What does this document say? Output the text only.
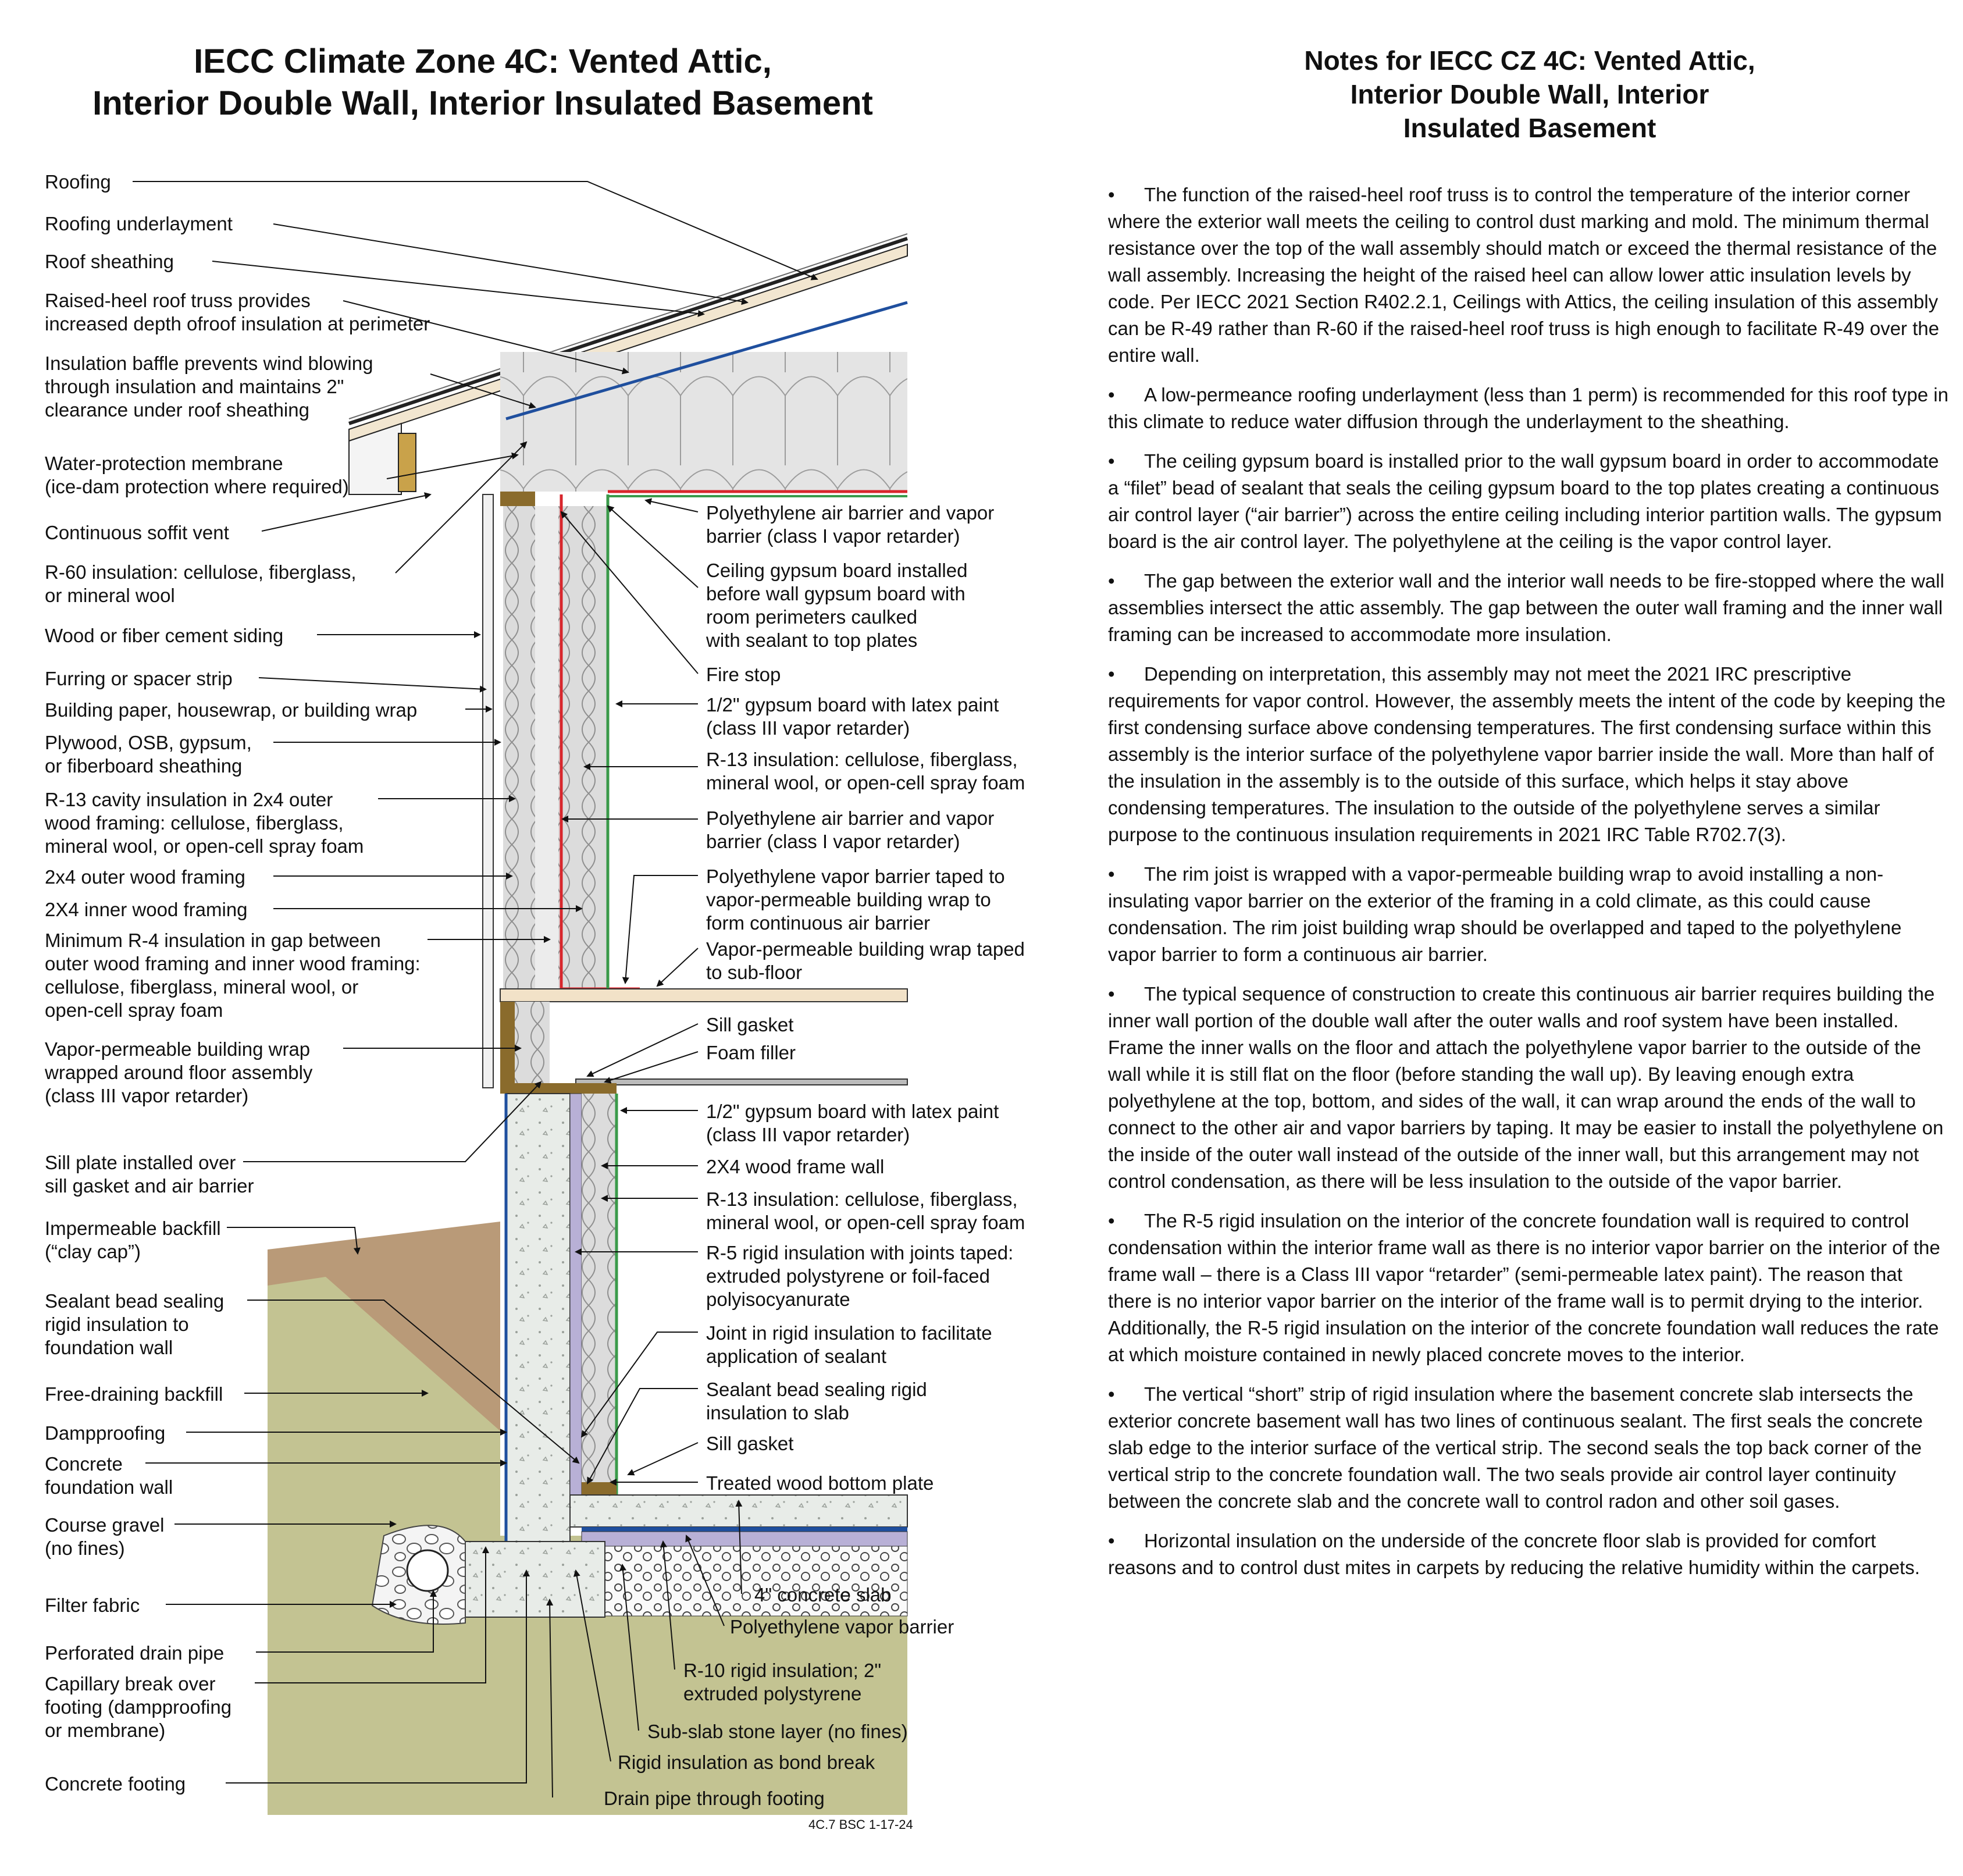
IECC Climate Zone 4C: Vented Attic,
Interior Double Wall, Interior Insulated Basement
Notes for IECC CZ 4C: Vented Attic,
Interior Double Wall, Interior
Insulated Basement
Roofing
Roofing underlayment
Roof sheathing
Raised-heel roof truss provides increased depth ofroof insulation at perimeter
Insulation baffle prevents wind blowing through insulation and maintains 2" clearance under roof sheathing
Water-protection membrane (ice-dam protection where required)
Continuous soffit vent
R-60 insulation: cellulose, fiberglass, or mineral wool
Wood or fiber cement siding
Furring or spacer strip
Building paper, housewrap, or building wrap
Plywood, OSB, gypsum, or fiberboard sheathing
R-13 cavity insulation in 2x4 outer wood framing: cellulose, fiberglass, mineral wool, or open-cell spray foam
2x4 outer wood framing
2X4 inner wood framing
Minimum R-4 insulation in gap between outer wood framing and inner wood framing: cellulose, fiberglass, mineral wool, or open-cell spray foam
Vapor-permeable building wrap wrapped around floor assembly (class III vapor retarder)
Sill plate installed over sill gasket and air barrier
Impermeable backfill (“clay cap”)
Sealant bead sealing rigid insulation to foundation wall
Free-draining backfill
Dampproofing
Concrete foundation wall
Course gravel (no fines)
Filter fabric
Perforated drain pipe
Capillary break over footing (dampproofing or membrane)
Concrete footing
Polyethylene air barrier and vapor barrier (class I vapor retarder)
Ceiling gypsum board installed before wall gypsum board with room perimeters caulked with sealant to top plates
Fire stop
1/2" gypsum board with latex paint (class III vapor retarder)
R-13 insulation: cellulose, fiberglass, mineral wool, or open-cell spray foam
Polyethylene air barrier and vapor barrier (class I vapor retarder)
Polyethylene vapor barrier taped to vapor-permeable building wrap to form continuous air barrier
Vapor-permeable building wrap taped to sub-floor
Sill gasket
Foam filler
1/2" gypsum board with latex paint (class III vapor retarder)
2X4 wood frame wall
R-13 insulation: cellulose, fiberglass, mineral wool, or open-cell spray foam
R-5 rigid insulation with joints taped: extruded polystyrene or foil-faced polyisocyanurate
Joint in rigid insulation to facilitate application of sealant
Sealant bead sealing rigid insulation to slab
Sill gasket
Treated wood bottom plate
4" concrete slab
Polyethylene vapor barrier
R-10 rigid insulation; 2" extruded polystyrene
Sub-slab stone layer (no fines)
Rigid insulation as bond break
Drain pipe through footing

• The function of the raised-heel roof truss is to control the temperature of the interior corner where the exterior wall meets the ceiling to control dust marking and mold. The minimum thermal resistance over the top of the wall assembly should match or exceed the thermal resistance of the wall assembly. Increasing the height of the raised heel can allow lower attic insulation levels by code. Per IECC 2021 Section R402.2.1, Ceilings with Attics, the ceiling insulation of this assembly can be R-49 rather than R-60 if the raised-heel roof truss is high enough to facilitate R-49 over the entire wall.

• A low-permeance roofing underlayment (less than 1 perm) is recommended for this roof type in this climate to reduce water diffusion through the underlayment to the sheathing.

• The ceiling gypsum board is installed prior to the wall gypsum board in order to accommodate a “filet” bead of sealant that seals the ceiling gypsum board to the top plates creating a continuous air control layer (“air barrier”) across the entire ceiling including interior partition walls. The gypsum board is the air control layer. The polyethylene at the ceiling is the vapor control layer.

• The gap between the exterior wall and the interior wall needs to be fire-stopped where the wall assemblies intersect the attic assembly. The gap between the outer wall framing and the inner wall framing can be increased to accommodate more insulation.

• Depending on interpretation, this assembly may not meet the 2021 IRC prescriptive requirements for vapor control. However, the assembly meets the intent of the code by keeping the first condensing surface above condensing temperatures. The first condensing surface within this assembly is the interior surface of the polyethylene vapor barrier inside the wall. More than half of the insulation in the assembly is to the outside of this surface, which helps it stay above condensing temperatures. The insulation to the outside of the polyethylene serves a similar purpose to the continuous insulation requirements in 2021 IRC Table R702.7(3).

• The rim joist is wrapped with a vapor-permeable building wrap to avoid installing a non-insulating vapor barrier on the exterior of the framing in a cold climate, as this could cause condensation. The rim joist building wrap should be overlapped and taped to the polyethylene vapor barrier to form a continuous air barrier.

• The typical sequence of construction to create this continuous air barrier requires building the inner wall portion of the double wall after the outer walls and roof system have been installed. Frame the inner walls on the floor and attach the polyethylene vapor barrier to the outside of the wall while it is still flat on the floor (before standing the wall up). By leaving enough extra polyethylene at the top, bottom, and sides of the wall, it can wrap around the ends of the wall to connect to the other air and vapor barriers by taping. It may be easier to install the polyethylene on the inside of the outer wall instead of the outside of the inner wall, but this arrangement may not control condensation, as there will be less insulation to the outside of the vapor barrier.

• The R-5 rigid insulation on the interior of the concrete foundation wall is required to control condensation within the interior frame wall as there is no interior vapor barrier on the interior of the frame wall – there is a Class III vapor “retarder” (semi-permeable latex paint). The reason that there is no interior vapor barrier on the interior of the frame wall is to permit drying to the interior. Additionally, the R-5 rigid insulation on the interior of the concrete foundation wall reduces the rate at which moisture contained in newly placed concrete moves to the interior.

• The vertical “short” strip of rigid insulation where the basement concrete slab intersects the exterior concrete basement wall has two lines of continuous sealant. The first seals the concrete slab edge to the interior surface of the vertical strip. The second seals the top back corner of the vertical strip to the concrete foundation wall. The two seals provide air control layer continuity between the concrete slab and the concrete wall to control radon and other soil gases.

• Horizontal insulation on the underside of the concrete floor slab is provided for comfort reasons and to control dust mites in carpets by reducing the relative humidity within the carpets.

4C.7 BSC 1-17-24
